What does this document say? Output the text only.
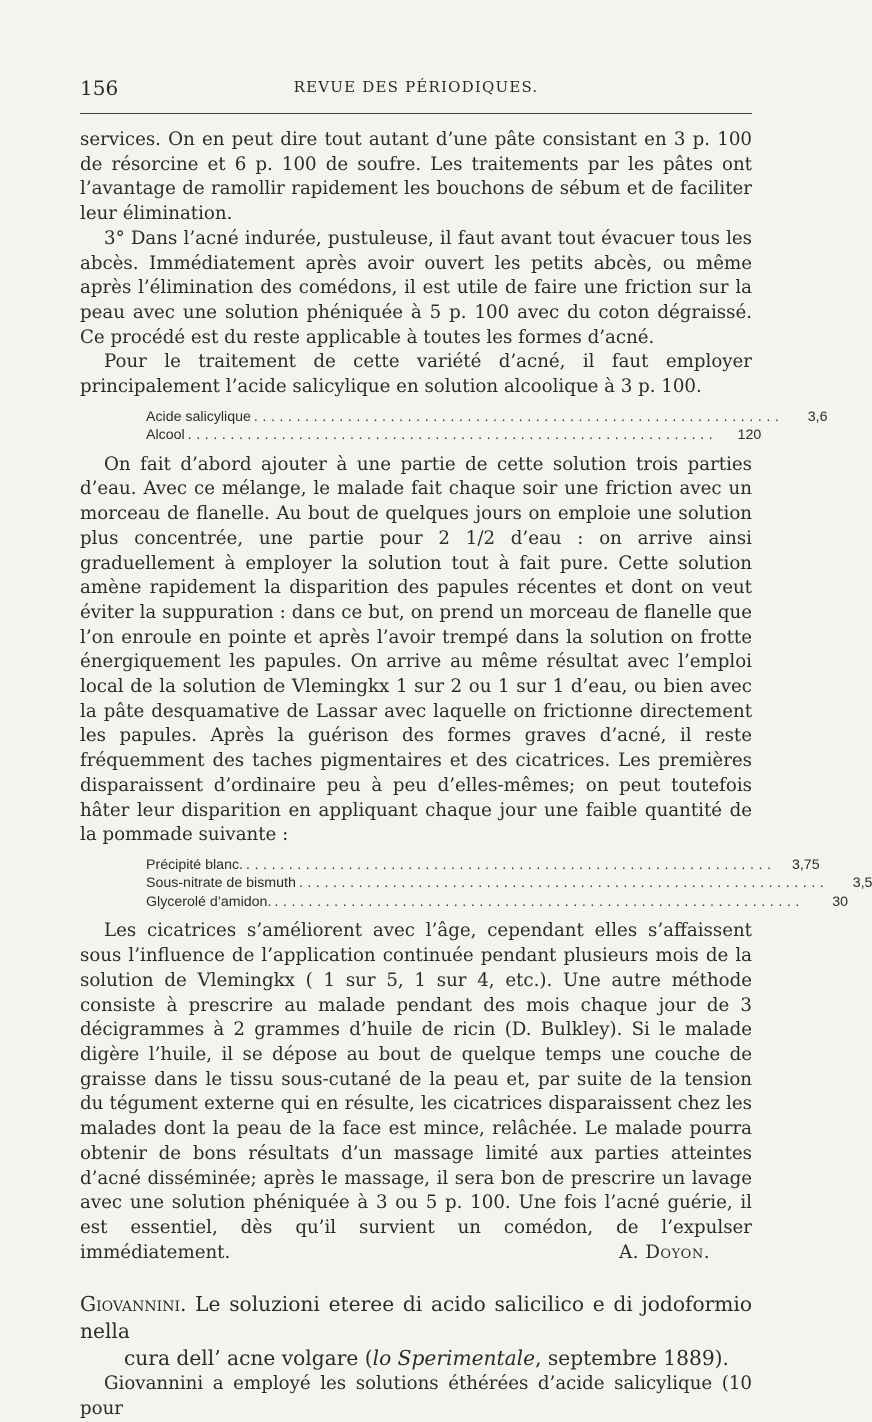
156	REVUE DES PÉRIODIQUES.

services. On en peut dire tout autant d’une pâte consistant en 3 p. 100 de résorcine et 6 p. 100 de soufre. Les traitements par les pâtes ont l’avantage de ramollir rapidement les bouchons de sébum et de faciliter leur élimination.

3° Dans l’acné indurée, pustuleuse, il faut avant tout évacuer tous les abcès. Immédiatement après avoir ouvert les petits abcès, ou même après l’élimination des comédons, il est utile de faire une friction sur la peau avec une solution phéniquée à 5 p. 100 avec du coton dégraissé. Ce procédé est du reste applicable à toutes les formes d’acné.

Pour le traitement de cette variété d’acné, il faut employer principalement l’acide salicylique en solution alcoolique à 3 p. 100.

Acide salicylique ..............................................................	3,6
Alcool ..............................................................	120

On fait d’abord ajouter à une partie de cette solution trois parties d’eau. Avec ce mélange, le malade fait chaque soir une friction avec un morceau de flanelle. Au bout de quelques jours on emploie une solution plus concentrée, une partie pour 2 1/2 d’eau : on arrive ainsi graduellement à employer la solution tout à fait pure. Cette solution amène rapidement la disparition des papules récentes et dont on veut éviter la suppuration : dans ce but, on prend un morceau de flanelle que l’on enroule en pointe et après l’avoir trempé dans la solution on frotte énergiquement les papules. On arrive au même résultat avec l’emploi local de la solution de Vlemingkx 1 sur 2 ou 1 sur 1 d’eau, ou bien avec la pâte desquamative de Lassar avec laquelle on frictionne directement les papules. Après la guérison des formes graves d’acné, il reste fréquemment des taches pigmentaires et des cicatrices. Les premières disparaissent d’ordinaire peu à peu d’elles-mêmes; on peut toutefois hâter leur disparition en appliquant chaque jour une faible quantité de la pommade suivante :

Précipité blanc. ..............................................................	3,75
Sous-nitrate de bismuth ..............................................................	3,5
Glycerolé d’amidon. ..............................................................	30

Les cicatrices s’améliorent avec l’âge, cependant elles s’affaissent sous l’influence de l’application continuée pendant plusieurs mois de la solution de Vlemingkx ( 1 sur 5, 1 sur 4, etc.). Une autre méthode consiste à prescrire au malade pendant des mois chaque jour de 3 décigrammes à 2 grammes d’huile de ricin (D. Bulkley). Si le malade digère l’huile, il se dépose au bout de quelque temps une couche de graisse dans le tissu sous-cutané de la peau et, par suite de la tension du tégument externe qui en résulte, les cicatrices disparaissent chez les malades dont la peau de la face est mince, relâchée. Le malade pourra obtenir de bons résultats d’un massage limité aux parties atteintes d’acné disséminée; après le massage, il sera bon de prescrire un lavage avec une solution phéniquée à 3 ou 5 p. 100. Une fois l’acné guérie, il est essentiel, dès qu’il survient un comédon, de l’expulser immédiatement.	A. Doyon.

Giovannini. Le soluzioni eteree di acido salicilico e di jodoformio nella
cura dell’ acne volgare (lo Sperimentale, septembre 1889).

Giovannini a employé les solutions éthérées d’acide salicylique (10 pour
